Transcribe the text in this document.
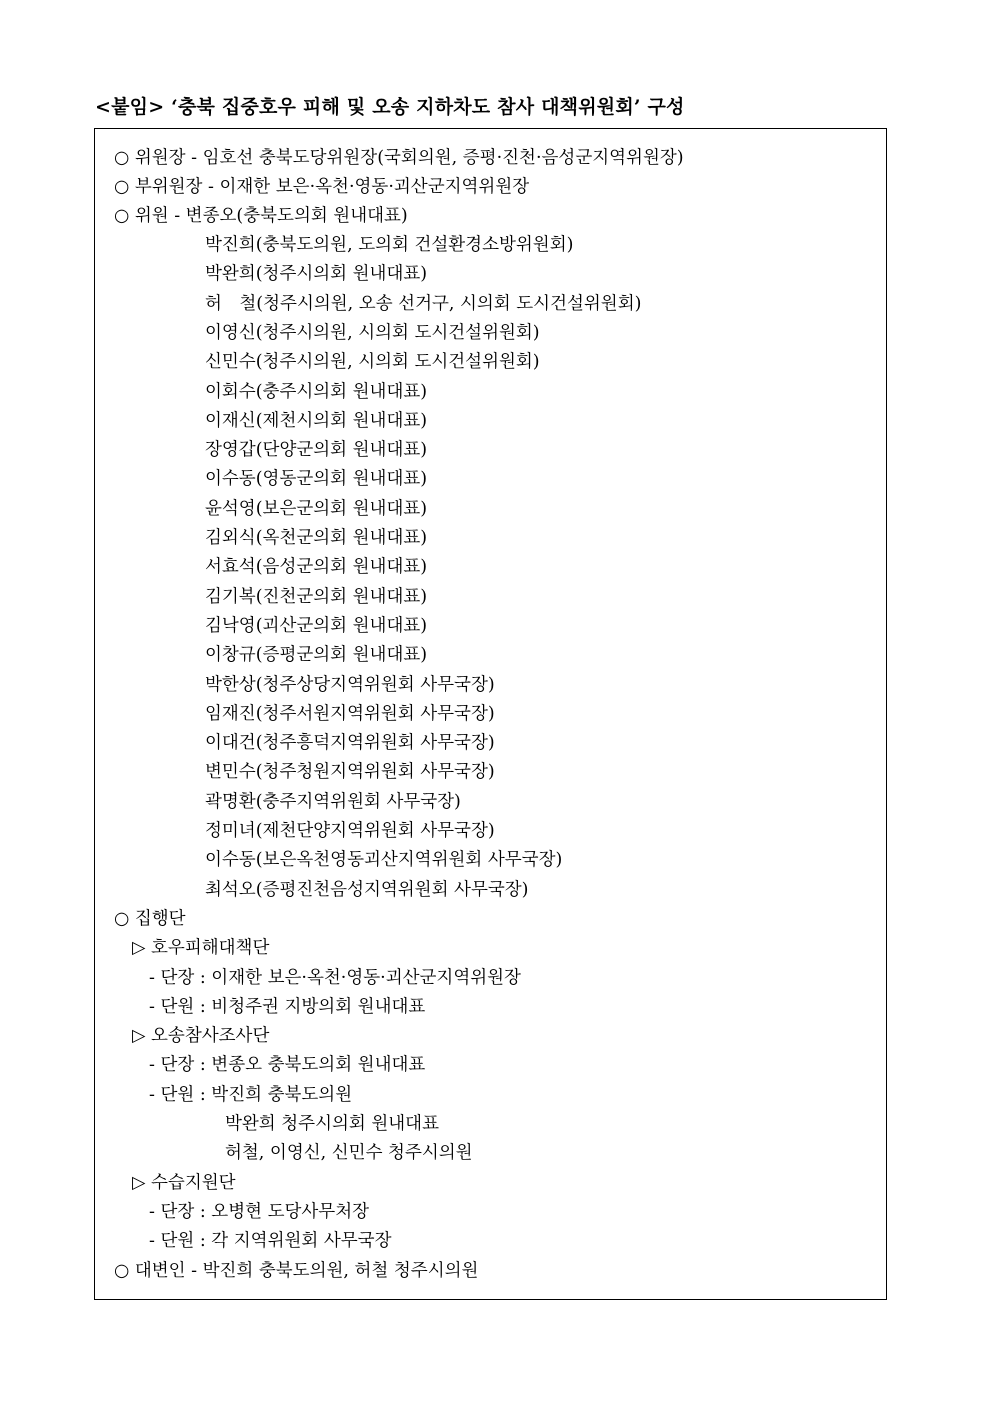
<붙임> ‘충북 집중호우 피해 및 오송 지하차도 참사 대책위원회’ 구성
○ 위원장 - 임호선 충북도당위원장(국회의원, 증평·진천·음성군지역위원장)
○ 부위원장 - 이재한 보은·옥천·영동·괴산군지역위원장
○ 위원 - 변종오(충북도의회 원내대표)
박진희(충북도의원, 도의회 건설환경소방위원회)
박완희(청주시의회 원내대표)
허　철(청주시의원, 오송 선거구, 시의회 도시건설위원회)
이영신(청주시의원, 시의회 도시건설위원회)
신민수(청주시의원, 시의회 도시건설위원회)
이회수(충주시의회 원내대표)
이재신(제천시의회 원내대표)
장영갑(단양군의회 원내대표)
이수동(영동군의회 원내대표)
윤석영(보은군의회 원내대표)
김외식(옥천군의회 원내대표)
서효석(음성군의회 원내대표)
김기복(진천군의회 원내대표)
김낙영(괴산군의회 원내대표)
이창규(증평군의회 원내대표)
박한상(청주상당지역위원회 사무국장)
임재진(청주서원지역위원회 사무국장)
이대건(청주흥덕지역위원회 사무국장)
변민수(청주청원지역위원회 사무국장)
곽명환(충주지역위원회 사무국장)
정미녀(제천단양지역위원회 사무국장)
이수동(보은옥천영동괴산지역위원회 사무국장)
최석오(증평진천음성지역위원회 사무국장)
○ 집행단
▷ 호우피해대책단
- 단장 : 이재한 보은·옥천·영동·괴산군지역위원장
- 단원 : 비청주권 지방의회 원내대표
▷ 오송참사조사단
- 단장 : 변종오 충북도의회 원내대표
- 단원 : 박진희 충북도의원
박완희 청주시의회 원내대표
허철, 이영신, 신민수 청주시의원
▷ 수습지원단
- 단장 : 오병현 도당사무처장
- 단원 : 각 지역위원회 사무국장
○ 대변인 - 박진희 충북도의원, 허철 청주시의원
